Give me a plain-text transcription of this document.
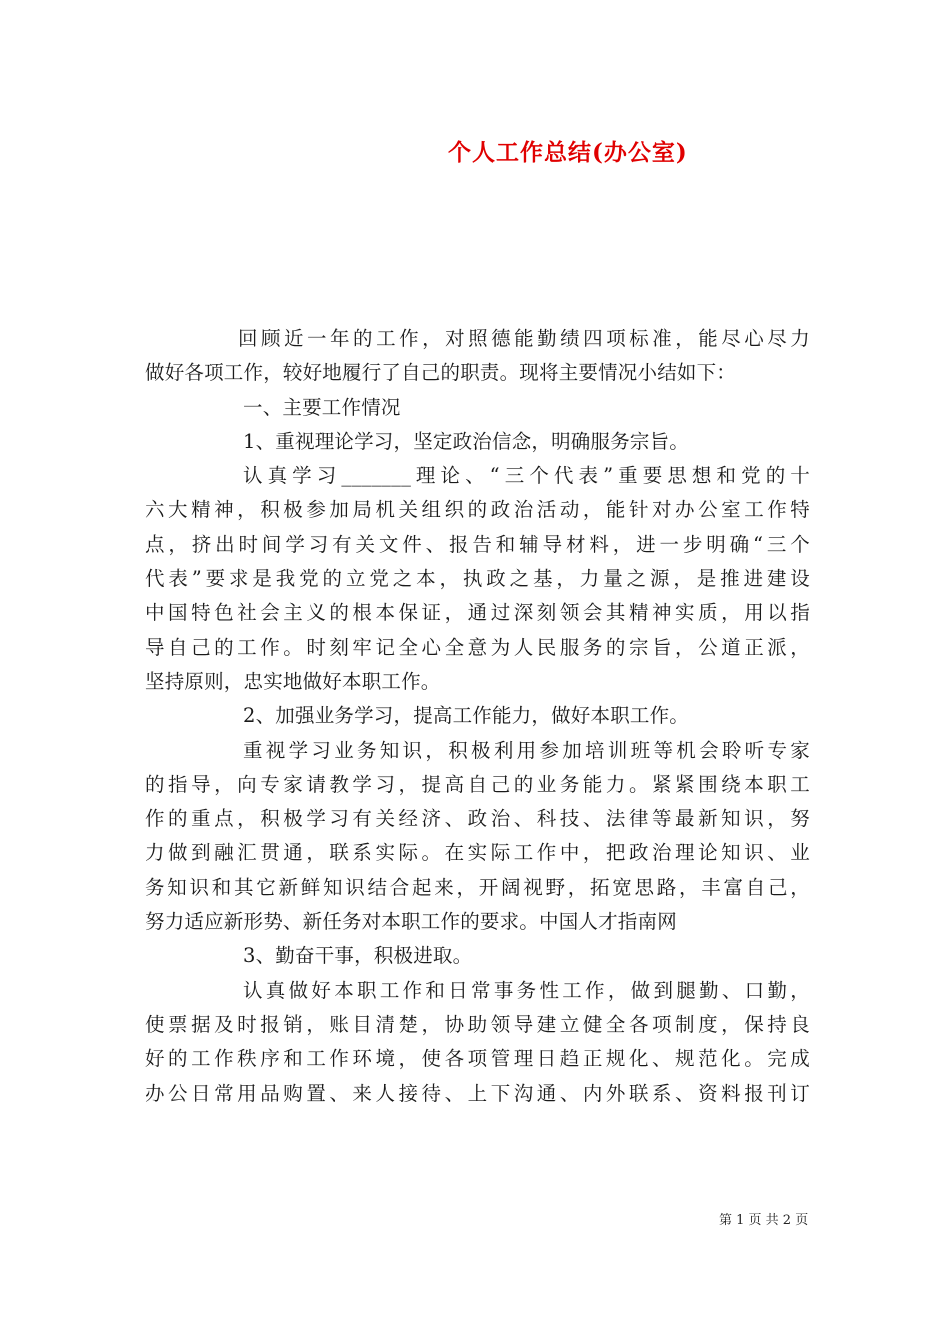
个人工作总结(办公室)
回顾近一年的工作，对照德能勤绩四项标准，能尽心尽力
做好各项工作，较好地履行了自己的职责。现将主要情况小结如下：
一、主要工作情况
1、重视理论学习，坚定政治信念，明确服务宗旨。
认真学习_______理论、“三个代表”重要思想和党的十
六大精神，积极参加局机关组织的政治活动，能针对办公室工作特
点，挤出时间学习有关文件、报告和辅导材料，进一步明确“三个
代表”要求是我党的立党之本，执政之基，力量之源，是推进建设
中国特色社会主义的根本保证，通过深刻领会其精神实质，用以指
导自己的工作。时刻牢记全心全意为人民服务的宗旨，公道正派，
坚持原则，忠实地做好本职工作。
2、加强业务学习，提高工作能力，做好本职工作。
重视学习业务知识，积极利用参加培训班等机会聆听专家
的指导，向专家请教学习，提高自己的业务能力。紧紧围绕本职工
作的重点，积极学习有关经济、政治、科技、法律等最新知识，努
力做到融汇贯通，联系实际。在实际工作中，把政治理论知识、业
务知识和其它新鲜知识结合起来，开阔视野，拓宽思路，丰富自己，
努力适应新形势、新任务对本职工作的要求。中国人才指南网
3、勤奋干事，积极进取。
认真做好本职工作和日常事务性工作，做到腿勤、口勤，
使票据及时报销，账目清楚，协助领导建立健全各项制度，保持良
好的工作秩序和工作环境，使各项管理日趋正规化、规范化。完成
办公日常用品购置、来人接待、上下沟通、内外联系、资料报刊订
第 1 页 共 2 页
